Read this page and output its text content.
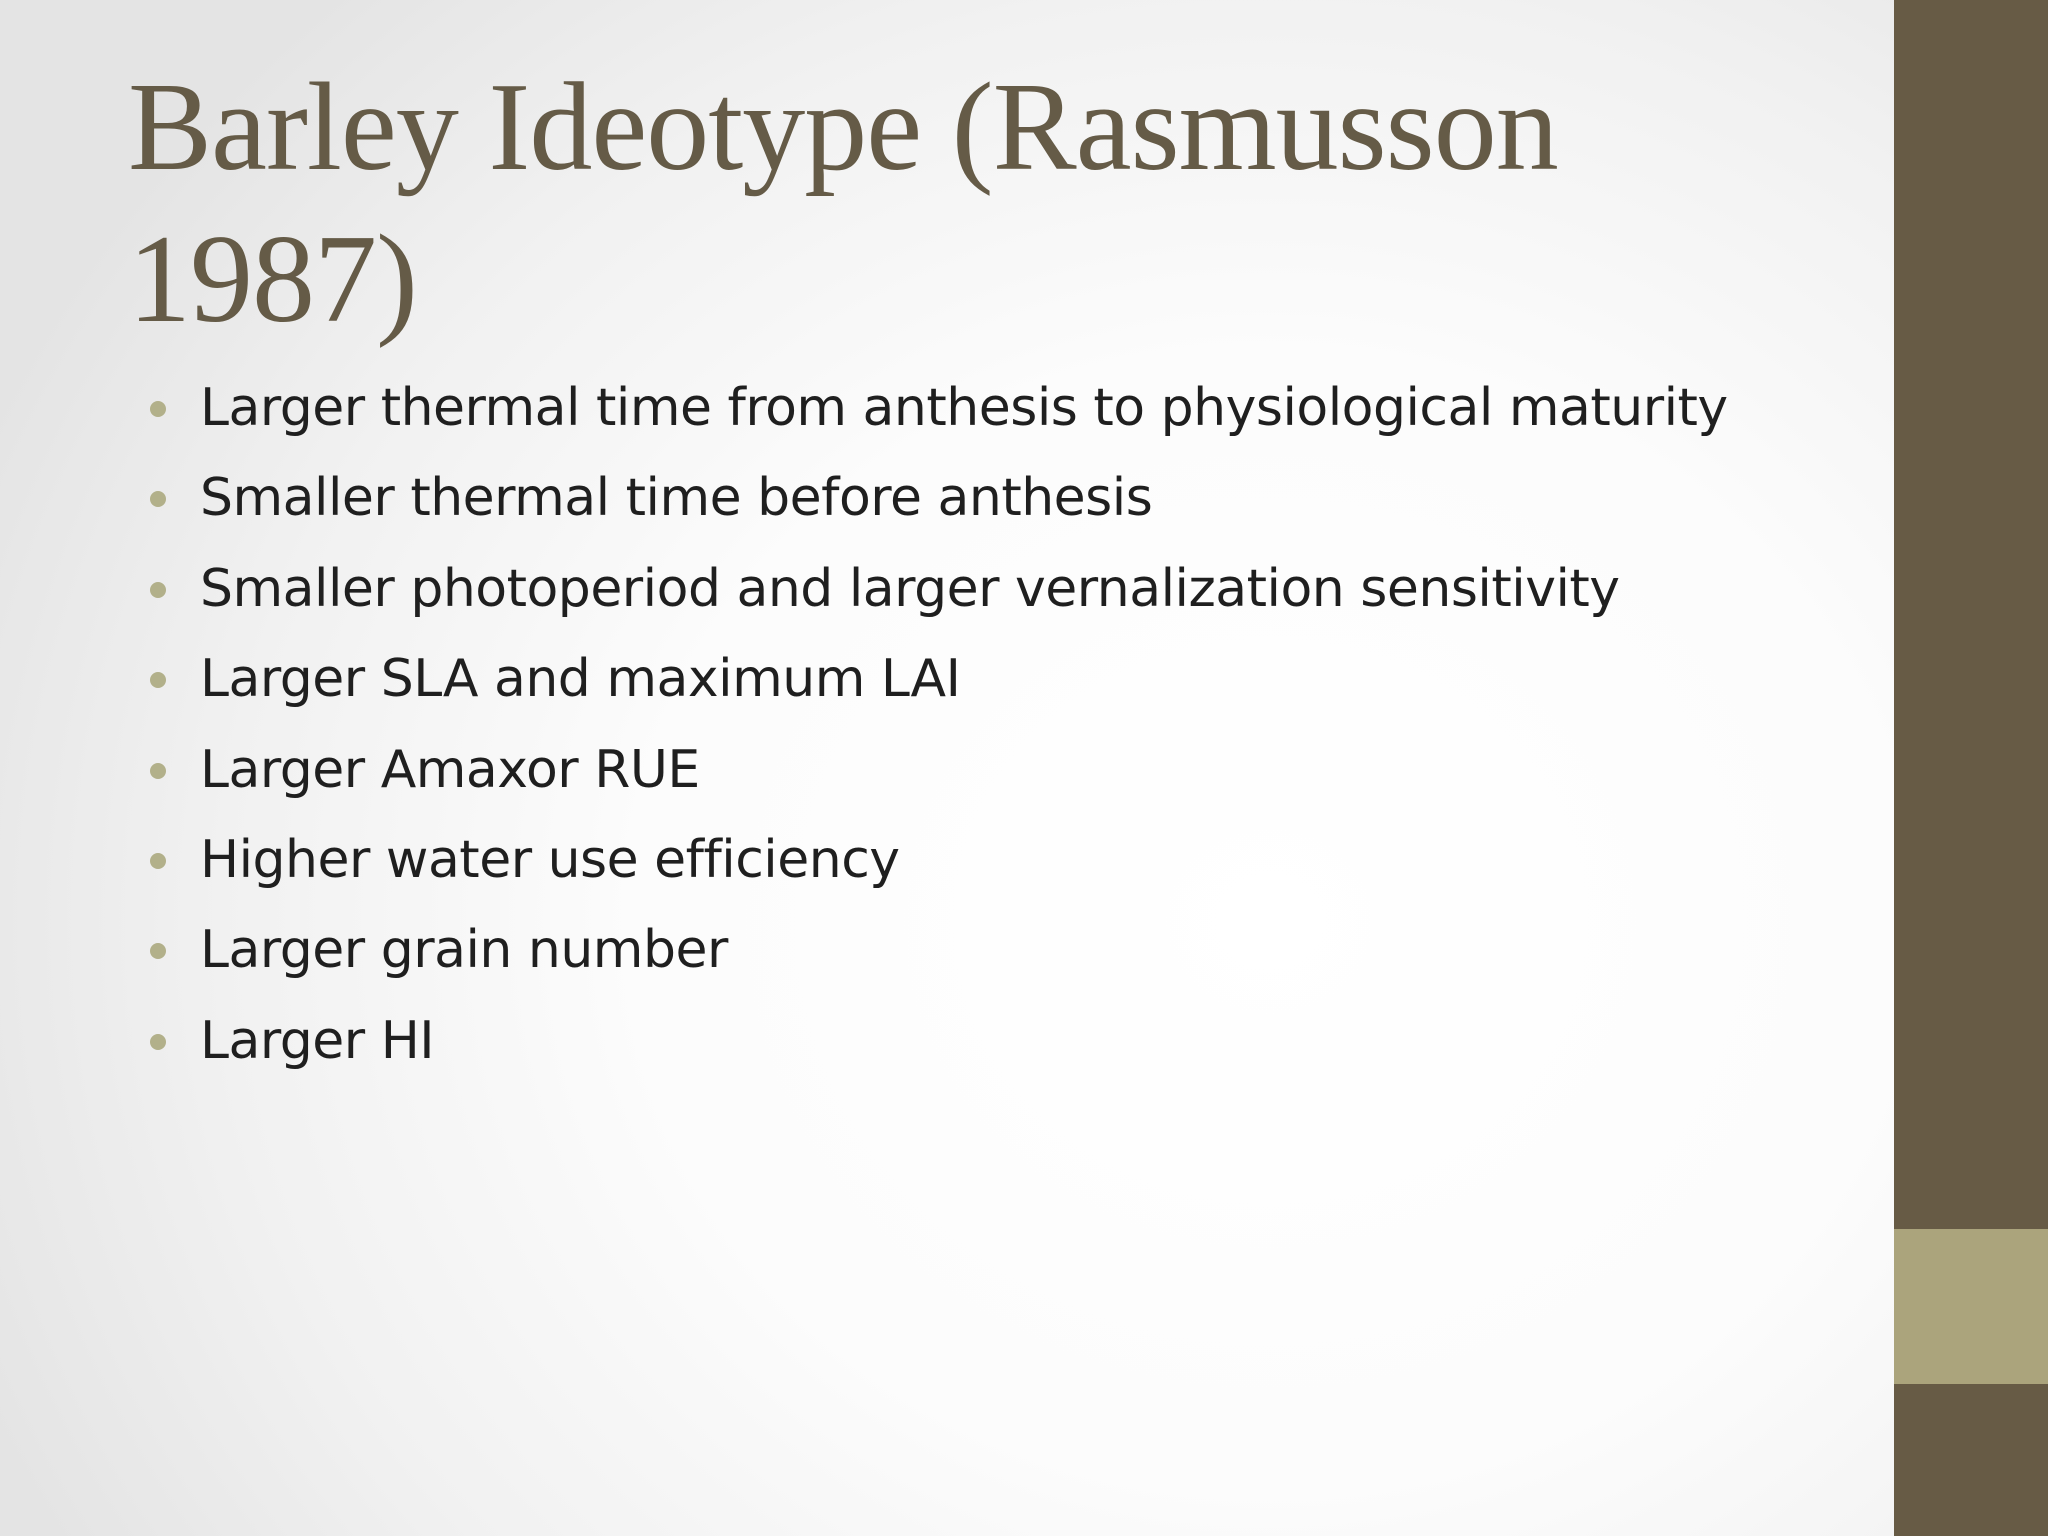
Barley Ideotype (Rasmusson 1987)
Larger thermal time from anthesis to physiological maturity
Smaller thermal time before anthesis
Smaller photoperiod and larger vernalization sensitivity
Larger SLA and maximum LAI
Larger Amaxor RUE
Higher water use efficiency
Larger grain number
Larger HI
